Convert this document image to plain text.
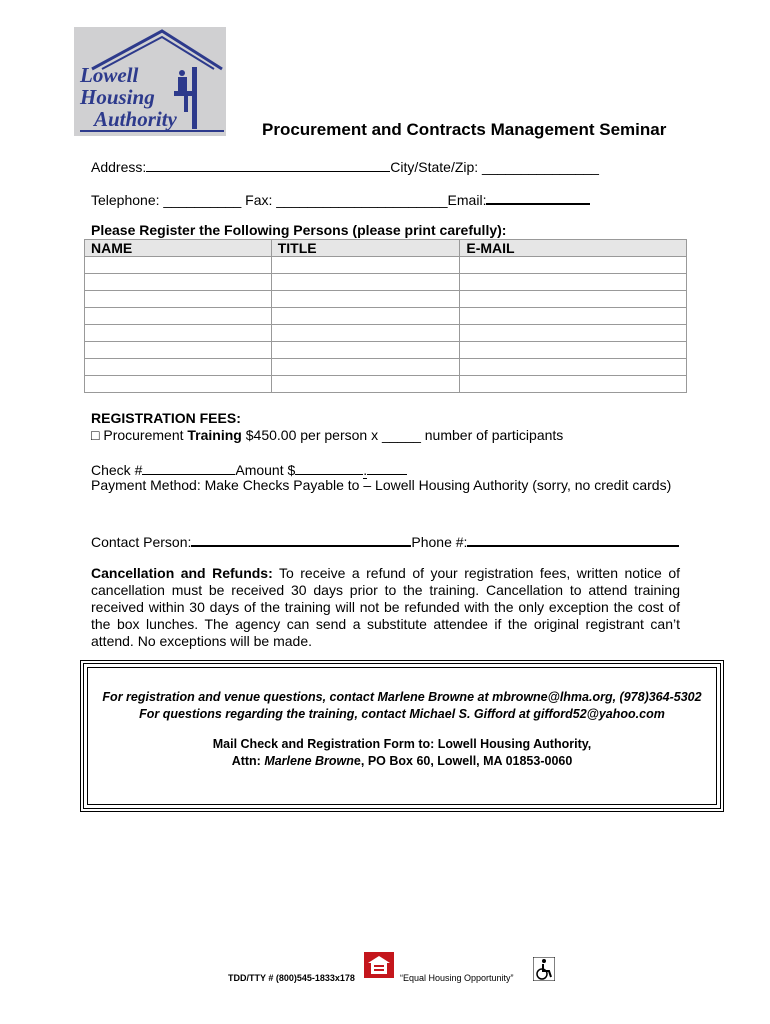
Lowell
Housing
Authority	Procurement and Contracts Management Seminar
Address:	City/State/Zip: _______________
Telephone: __________ Fax: ______________________Email:
Please Register the Following Persons (please print carefully):
NAME	TITLE	E-MAIL

REGISTRATION FEES:
□ Procurement Training $450.00 per person x _____ number of participants
Check #	Amount $	.
Payment Method: Make Checks Payable to – Lowell Housing Authority (sorry, no credit cards)
Contact Person:	Phone #:
Cancellation and Refunds: To receive a refund of your registration fees, written notice of cancellation must be received 30 days prior to the training. Cancellation to attend training received within 30 days of the training will not be refunded with the only exception the cost of the box lunches. The agency can send a substitute attendee if the original registrant can’t attend. No exceptions will be made.
For registration and venue questions, contact Marlene Browne at mbrowne@lhma.org, (978)364-5302
For questions regarding the training, contact Michael S. Gifford at gifford52@yahoo.com
Mail Check and Registration Form to: Lowell Housing Authority,
Attn: Marlene Browne, PO Box 60, Lowell, MA 01853-0060
TDD/TTY # (800)545-1833x178	“Equal Housing Opportunity”
